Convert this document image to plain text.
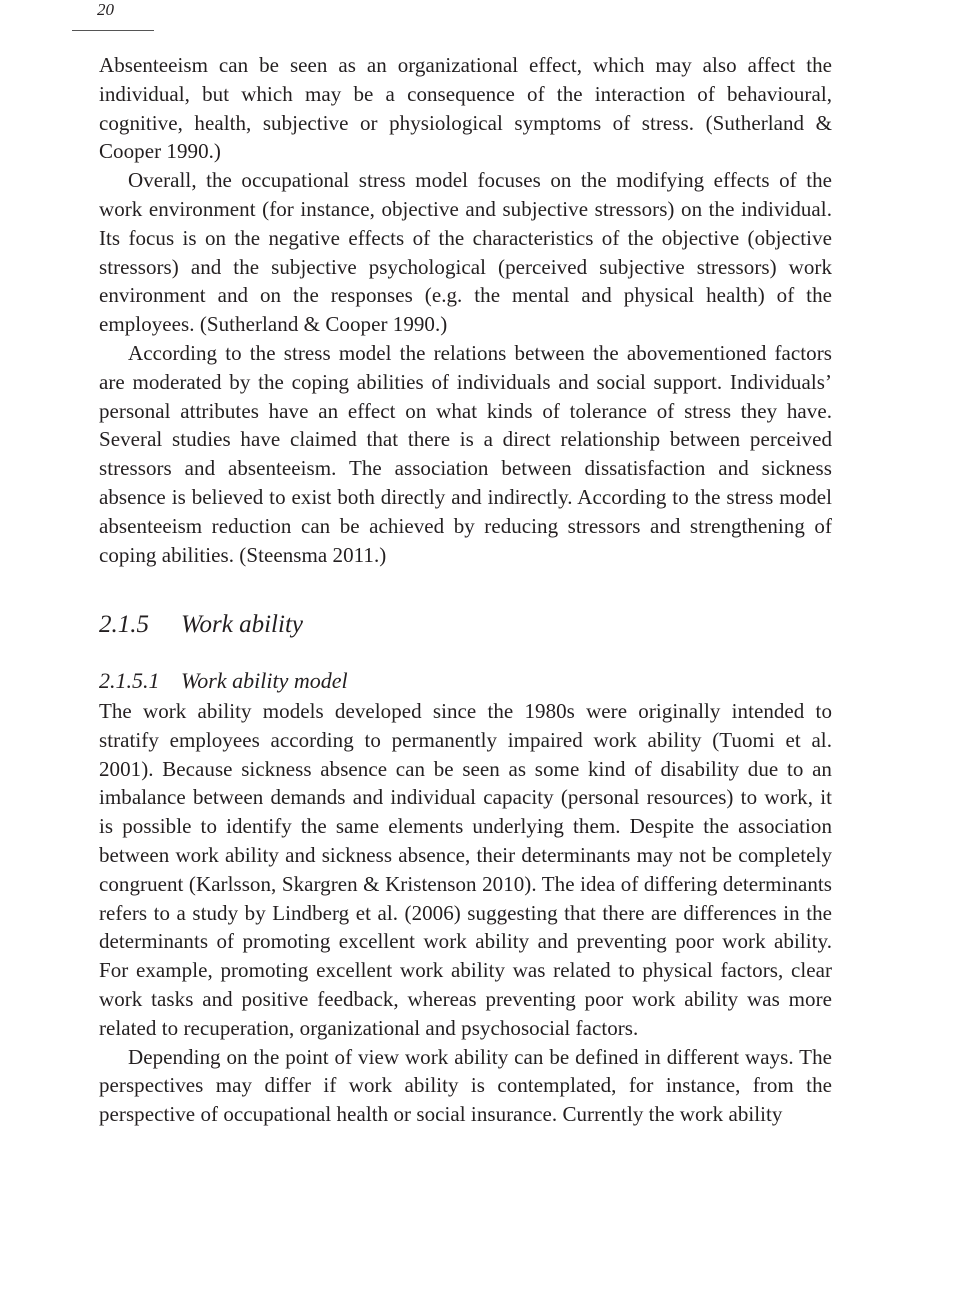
20

Absenteeism can be seen as an organizational effect, which may also affect the individual, but which may be a consequence of the interaction of behavioural, cognitive, health, subjective or physiological symptoms of stress. (Sutherland & Cooper 1990.)

Overall, the occupational stress model focuses on the modifying effects of the work environment (for instance, objective and subjective stressors) on the individual. Its focus is on the negative effects of the characteristics of the objective (objective stressors) and the subjective psychological (perceived subjective stressors) work environment and on the responses (e.g. the mental and physical health) of the employees. (Sutherland & Cooper 1990.)

According to the stress model the relations between the abovementioned factors are moderated by the coping abilities of individuals and social support. Individuals’ personal attributes have an effect on what kinds of tolerance of stress they have. Several studies have claimed that there is a direct relationship between perceived stressors and absenteeism. The association between dissatisfaction and sickness absence is believed to exist both directly and indirectly. According to the stress model absenteeism reduction can be achieved by reducing stressors and strengthening of coping abilities. (Steensma 2011.)

2.1.5 Work ability
2.1.5.1 Work ability model

The work ability models developed since the 1980s were originally intended to stratify employees according to permanently impaired work ability (Tuomi et al. 2001). Because sickness absence can be seen as some kind of disability due to an imbalance between demands and individual capacity (personal resources) to work, it is possible to identify the same elements underlying them. Despite the association between work ability and sickness absence, their determinants may not be completely congruent (Karlsson, Skargren & Kristenson 2010). The idea of differing determinants refers to a study by Lindberg et al. (2006) suggesting that there are differences in the determinants of promoting excellent work ability and preventing poor work ability. For example, promoting excellent work ability was related to physical factors, clear work tasks and positive feedback, whereas preventing poor work ability was more related to recuperation, organizational and psychosocial factors.

Depending on the point of view work ability can be defined in different ways. The perspectives may differ if work ability is contemplated, for instance, from the perspective of occupational health or social insurance. Currently the work ability
